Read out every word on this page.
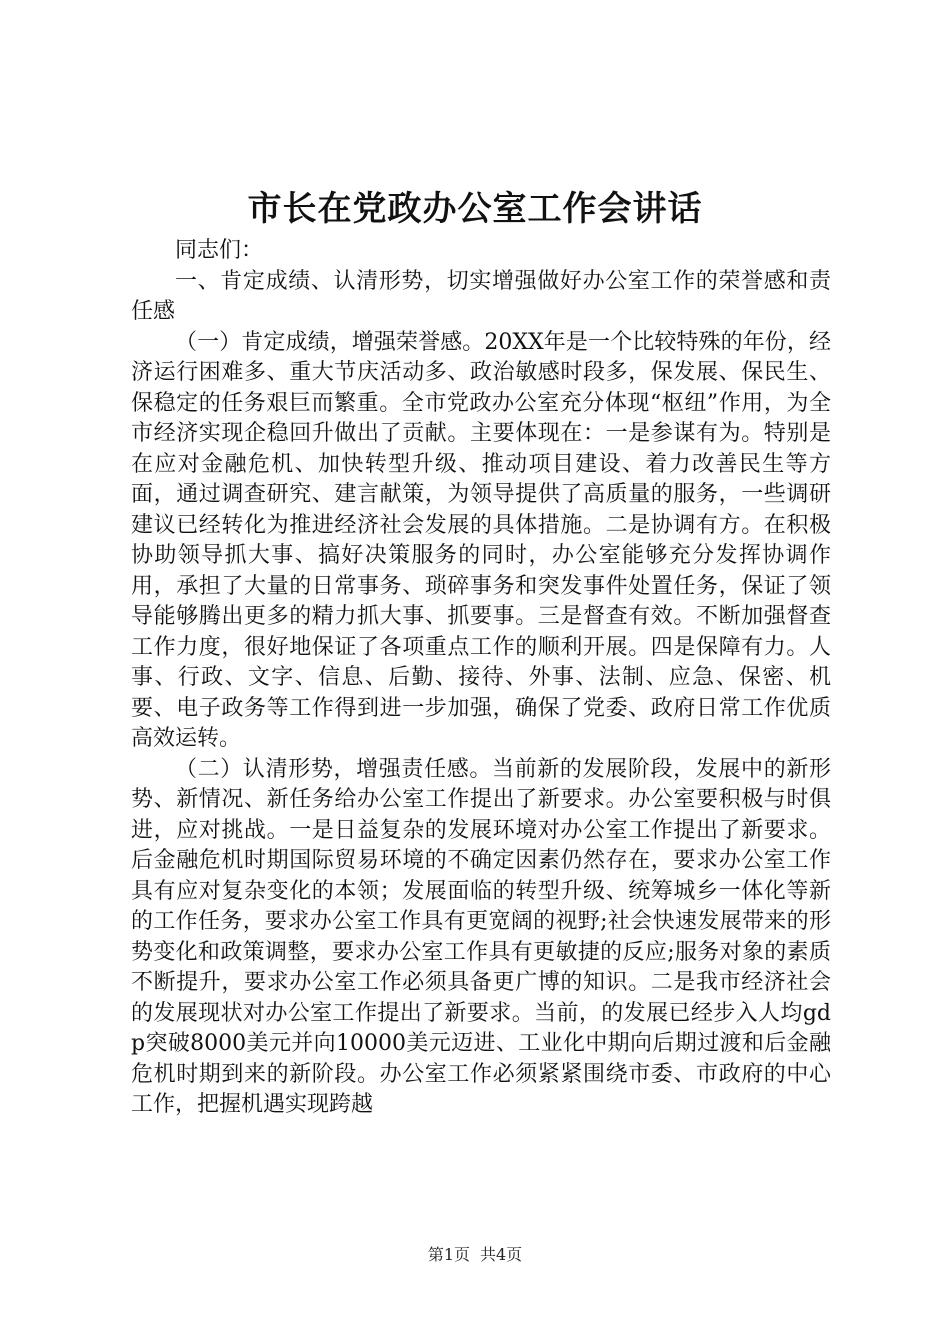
市长在党政办公室工作会讲话

同志们：

一、肯定成绩、认清形势，切实增强做好办公室工作的荣誉感和责任感

（一）肯定成绩，增强荣誉感。20XX年是一个比较特殊的年份，经济运行困难多、重大节庆活动多、政治敏感时段多，保发展、保民生、保稳定的任务艰巨而繁重。全市党政办公室充分体现“枢纽”作用，为全市经济实现企稳回升做出了贡献。主要体现在：一是参谋有为。特别是在应对金融危机、加快转型升级、推动项目建设、着力改善民生等方面，通过调查研究、建言献策，为领导提供了高质量的服务，一些调研建议已经转化为推进经济社会发展的具体措施。二是协调有方。在积极协助领导抓大事、搞好决策服务的同时，办公室能够充分发挥协调作用，承担了大量的日常事务、琐碎事务和突发事件处置任务，保证了领导能够腾出更多的精力抓大事、抓要事。三是督查有效。不断加强督查工作力度，很好地保证了各项重点工作的顺利开展。四是保障有力。人事、行政、文字、信息、后勤、接待、外事、法制、应急、保密、机要、电子政务等工作得到进一步加强，确保了党委、政府日常工作优质高效运转。

（二）认清形势，增强责任感。当前新的发展阶段，发展中的新形势、新情况、新任务给办公室工作提出了新要求。办公室要积极与时俱进，应对挑战。一是日益复杂的发展环境对办公室工作提出了新要求。后金融危机时期国际贸易环境的不确定因素仍然存在，要求办公室工作具有应对复杂变化的本领；发展面临的转型升级、统筹城乡一体化等新的工作任务，要求办公室工作具有更宽阔的视野;社会快速发展带来的形势变化和政策调整，要求办公室工作具有更敏捷的反应;服务对象的素质不断提升，要求办公室工作必须具备更广博的知识。二是我市经济社会的发展现状对办公室工作提出了新要求。当前，的发展已经步入人均gdp突破8000美元并向10000美元迈进、工业化中期向后期过渡和后金融危机时期到来的新阶段。办公室工作必须紧紧围绕市委、市政府的中心工作，把握机遇实现跨越

第1页 共4页
